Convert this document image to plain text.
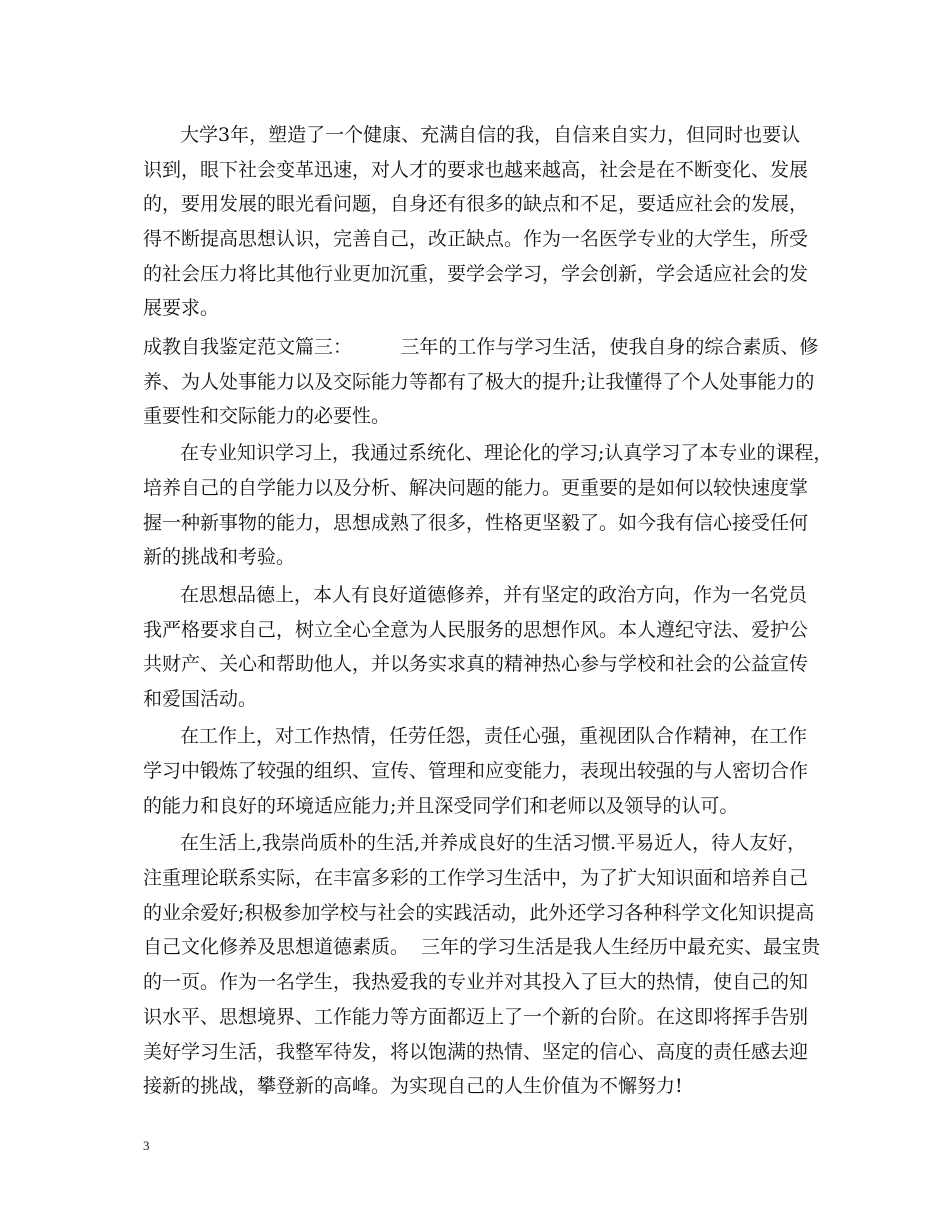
大学3年，塑造了一个健康、充满自信的我，自信来自实力，但同时也要认
识到，眼下社会变革迅速，对人才的要求也越来越高，社会是在不断变化、发展
的，要用发展的眼光看问题，自身还有很多的缺点和不足，要适应社会的发展，
得不断提高思想认识，完善自己，改正缺点。作为一名医学专业的大学生，所受
的社会压力将比其他行业更加沉重，要学会学习，学会创新，学会适应社会的发
展要求。
成教自我鉴定范文篇三：        三年的工作与学习生活，使我自身的综合素质、修
养、为人处事能力以及交际能力等都有了极大的提升;让我懂得了个人处事能力的
重要性和交际能力的必要性。
在专业知识学习上，我通过系统化、理论化的学习;认真学习了本专业的课程，
培养自己的自学能力以及分析、解决问题的能力。更重要的是如何以较快速度掌
握一种新事物的能力，思想成熟了很多，性格更坚毅了。如今我有信心接受任何
新的挑战和考验。
在思想品德上，本人有良好道德修养，并有坚定的政治方向，作为一名党员
我严格要求自己，树立全心全意为人民服务的思想作风。本人遵纪守法、爱护公
共财产、关心和帮助他人，并以务实求真的精神热心参与学校和社会的公益宣传
和爱国活动。
在工作上，对工作热情，任劳任怨，责任心强，重视团队合作精神，在工作
学习中锻炼了较强的组织、宣传、管理和应变能力，表现出较强的与人密切合作
的能力和良好的环境适应能力;并且深受同学们和老师以及领导的认可。
在生活上,我崇尚质朴的生活,并养成良好的生活习惯.平易近人，待人友好，
注重理论联系实际，在丰富多彩的工作学习生活中，为了扩大知识面和培养自己
的业余爱好;积极参加学校与社会的实践活动，此外还学习各种科学文化知识提高
自己文化修养及思想道德素质。  三年的学习生活是我人生经历中最充实、最宝贵
的一页。作为一名学生，我热爱我的专业并对其投入了巨大的热情，使自己的知
识水平、思想境界、工作能力等方面都迈上了一个新的台阶。在这即将挥手告别
美好学习生活，我整军待发，将以饱满的热情、坚定的信心、高度的责任感去迎
接新的挑战，攀登新的高峰。为实现自己的人生价值为不懈努力!
3
